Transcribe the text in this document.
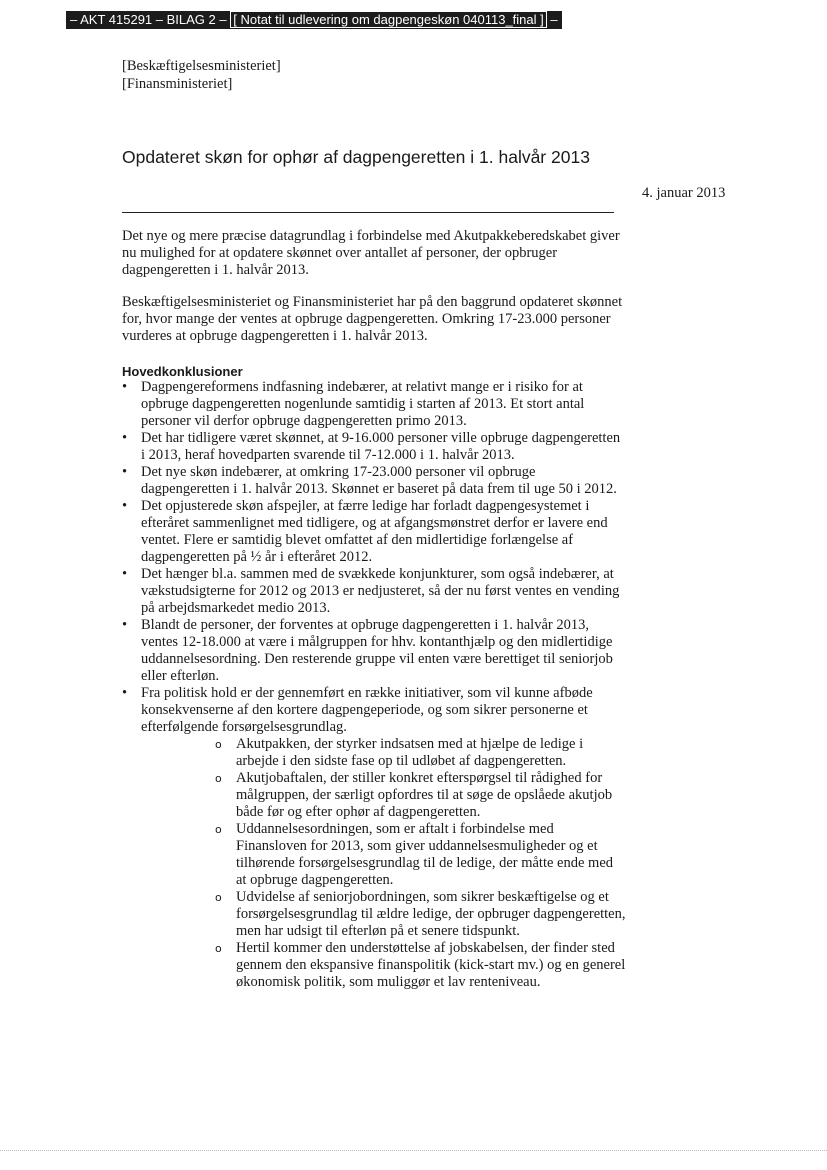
– AKT 415291 – BILAG 2 – [ Notat til udlevering om dagpengeskøn 040113_final ] –
[Beskæftigelsesministeriet]
[Finansministeriet]
Opdateret skøn for ophør af dagpengeretten i 1. halvår 2013
4. januar 2013

Det nye og mere præcise datagrundlag i forbindelse med Akutpakkeberedskabet giver nu mulighed for at opdatere skønnet over antallet af personer, der opbruger dagpengeretten i 1. halvår 2013.

Beskæftigelsesministeriet og Finansministeriet har på den baggrund opdateret skønnet for, hvor mange der ventes at opbruge dagpengeretten. Omkring 17-23.000 personer vurderes at opbruge dagpengeretten i 1. halvår 2013.

Hovedkonklusioner
• Dagpengereformens indfasning indebærer, at relativt mange er i risiko for at opbruge dagpengeretten nogenlunde samtidig i starten af 2013. Et stort antal personer vil derfor opbruge dagpengeretten primo 2013.
• Det har tidligere været skønnet, at 9-16.000 personer ville opbruge dagpengeretten i 2013, heraf hovedparten svarende til 7-12.000 i 1. halvår 2013.
• Det nye skøn indebærer, at omkring 17-23.000 personer vil opbruge dagpengeretten i 1. halvår 2013. Skønnet er baseret på data frem til uge 50 i 2012.
• Det opjusterede skøn afspejler, at færre ledige har forladt dagpengesystemet i efteråret sammenlignet med tidligere, og at afgangsmønstret derfor er lavere end ventet. Flere er samtidig blevet omfattet af den midlertidige forlængelse af dagpengeretten på ½ år i efteråret 2012.
• Det hænger bl.a. sammen med de svækkede konjunkturer, som også indebærer, at vækstudsigterne for 2012 og 2013 er nedjusteret, så der nu først ventes en vending på arbejdsmarkedet medio 2013.
• Blandt de personer, der forventes at opbruge dagpengeretten i 1. halvår 2013, ventes 12-18.000 at være i målgruppen for hhv. kontanthjælp og den midlertidige uddannelsesordning. Den resterende gruppe vil enten være berettiget til seniorjob eller efterløn.
• Fra politisk hold er der gennemført en række initiativer, som vil kunne afbøde konsekvenserne af den kortere dagpengeperiode, og som sikrer personerne et efterfølgende forsørgelsesgrundlag.
o Akutpakken, der styrker indsatsen med at hjælpe de ledige i arbejde i den sidste fase op til udløbet af dagpengeretten.
o Akutjobaftalen, der stiller konkret efterspørgsel til rådighed for målgruppen, der særligt opfordres til at søge de opslåede akutjob både før og efter ophør af dagpengeretten.
o Uddannelsesordningen, som er aftalt i forbindelse med Finansloven for 2013, som giver uddannelsesmuligheder og et tilhørende forsørgelsesgrundlag til de ledige, der måtte ende med at opbruge dagpengeretten.
o Udvidelse af seniorjobordningen, som sikrer beskæftigelse og et forsørgelsesgrundlag til ældre ledige, der opbruger dagpengeretten, men har udsigt til efterløn på et senere tidspunkt.
o Hertil kommer den understøttelse af jobskabelsen, der finder sted gennem den ekspansive finanspolitik (kick-start mv.) og en generel økonomisk politik, som muliggør et lav renteniveau.
